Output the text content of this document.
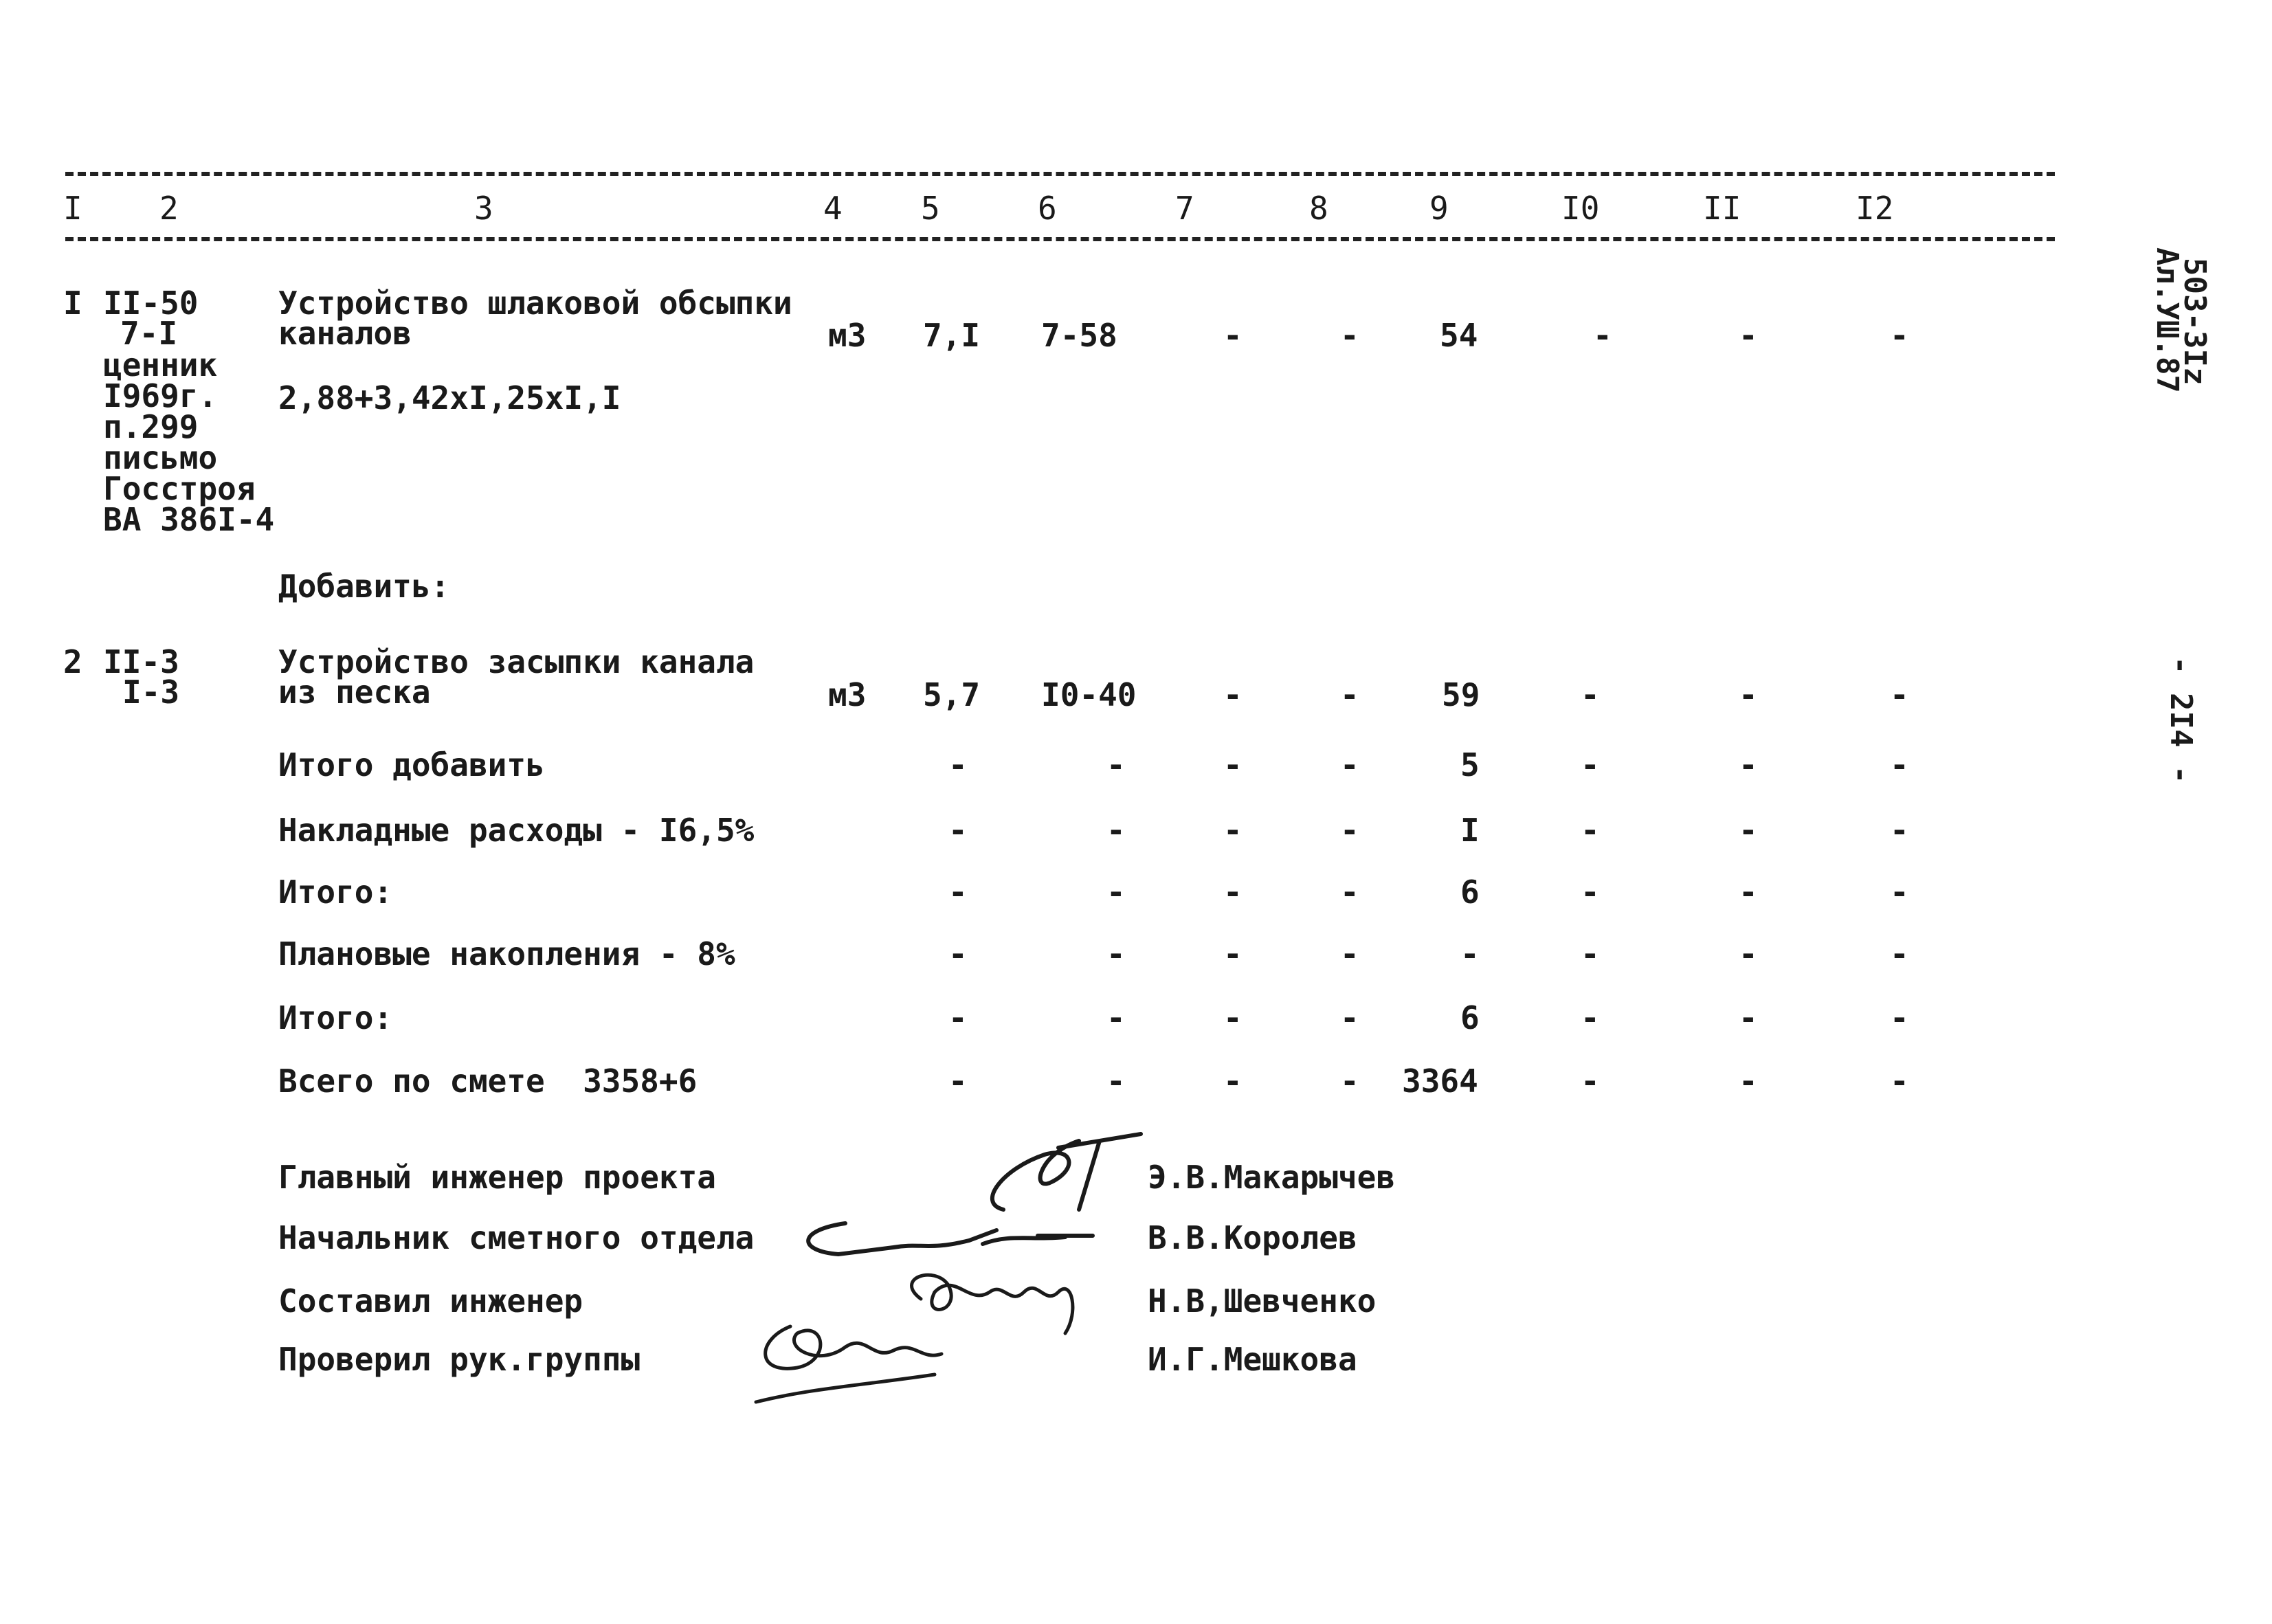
I 2	3	4 5	6	7	8	9	I0	II	I2
503-3Iz
Ал.УШ.87
- 2I4 -
I II-50
7-I
ценник
I969г.
п.299
письмо
Госстроя
ВА 386I-4
Устройство шлаковой обсыпки
каналов
2,88+3,42xI,25xI,I
м3 7,I 7-58	-	-	54	-	-	-
Добавить:
2 II-3
I-3
Устройство засыпки канала
из песка	м3 5,7 I0-40	-	-	59	-	-	-
Итого добавить	-	-	-	-	5	-	-	-
Накладные расходы - I6,5%	-	-	-	-	I	-	-	-
Итого:	-	-	-	-	6	-	-	-
Плановые накопления - 8%	-	-	-	-	-	-	-	-
Итого:	-	-	-	-	6	-	-	-
Всего по смете  3358+6	-	-	-	- 3364	-	-	-
Главный инженер проекта	Э.В.Макарычев
Начальник сметного отдела	В.В.Королев
Составил инженер	Н.В,Шевченко
Проверил рук.группы	И.Г.Мешкова
